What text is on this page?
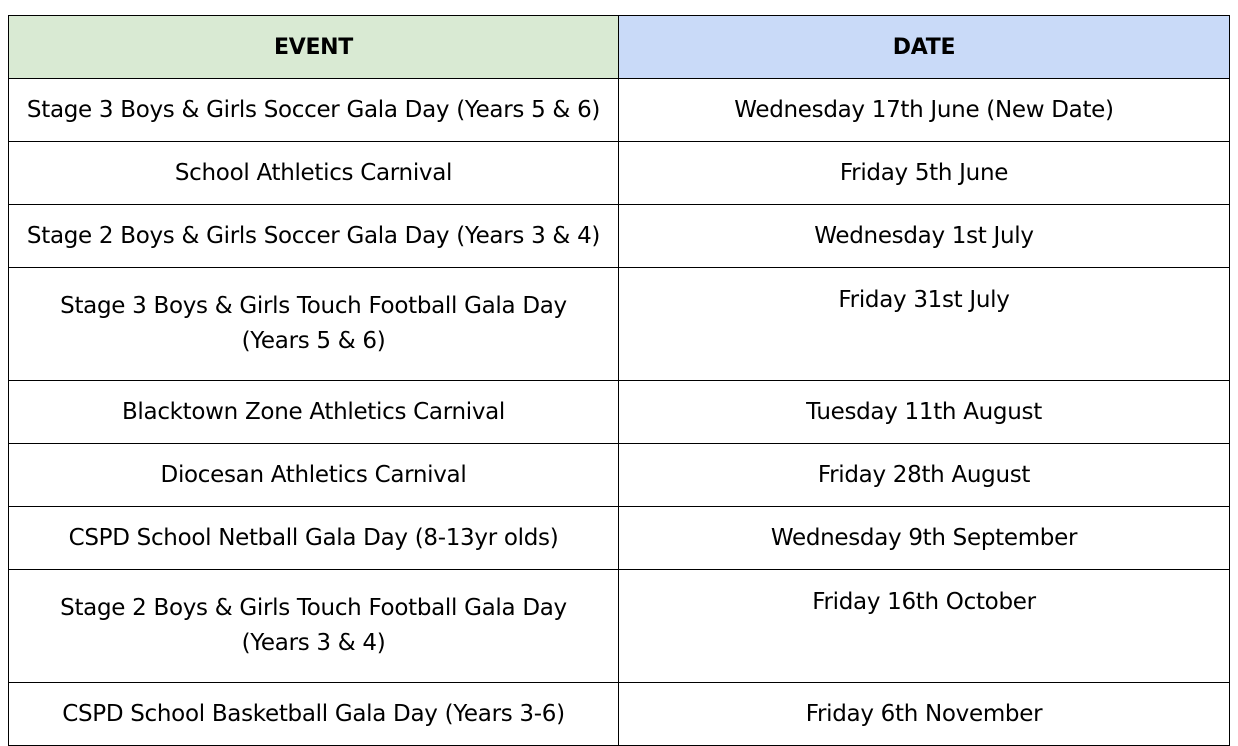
EVENT	DATE
Stage 3 Boys & Girls Soccer Gala Day (Years 5 & 6)	Wednesday 17th June (New Date)
School Athletics Carnival	Friday 5th June
Stage 2 Boys & Girls Soccer Gala Day (Years 3 & 4)	Wednesday 1st July

Stage 3 Boys & Girls Touch Football Gala Day
(Years 5 & 6)	Friday 31st July
Blacktown Zone Athletics Carnival	Tuesday 11th August
Diocesan Athletics Carnival	Friday 28th August
CSPD School Netball Gala Day (8-13yr olds)	Wednesday 9th September

Stage 2 Boys & Girls Touch Football Gala Day
(Years 3 & 4)	Friday 16th October
CSPD School Basketball Gala Day (Years 3-6)	Friday 6th November
